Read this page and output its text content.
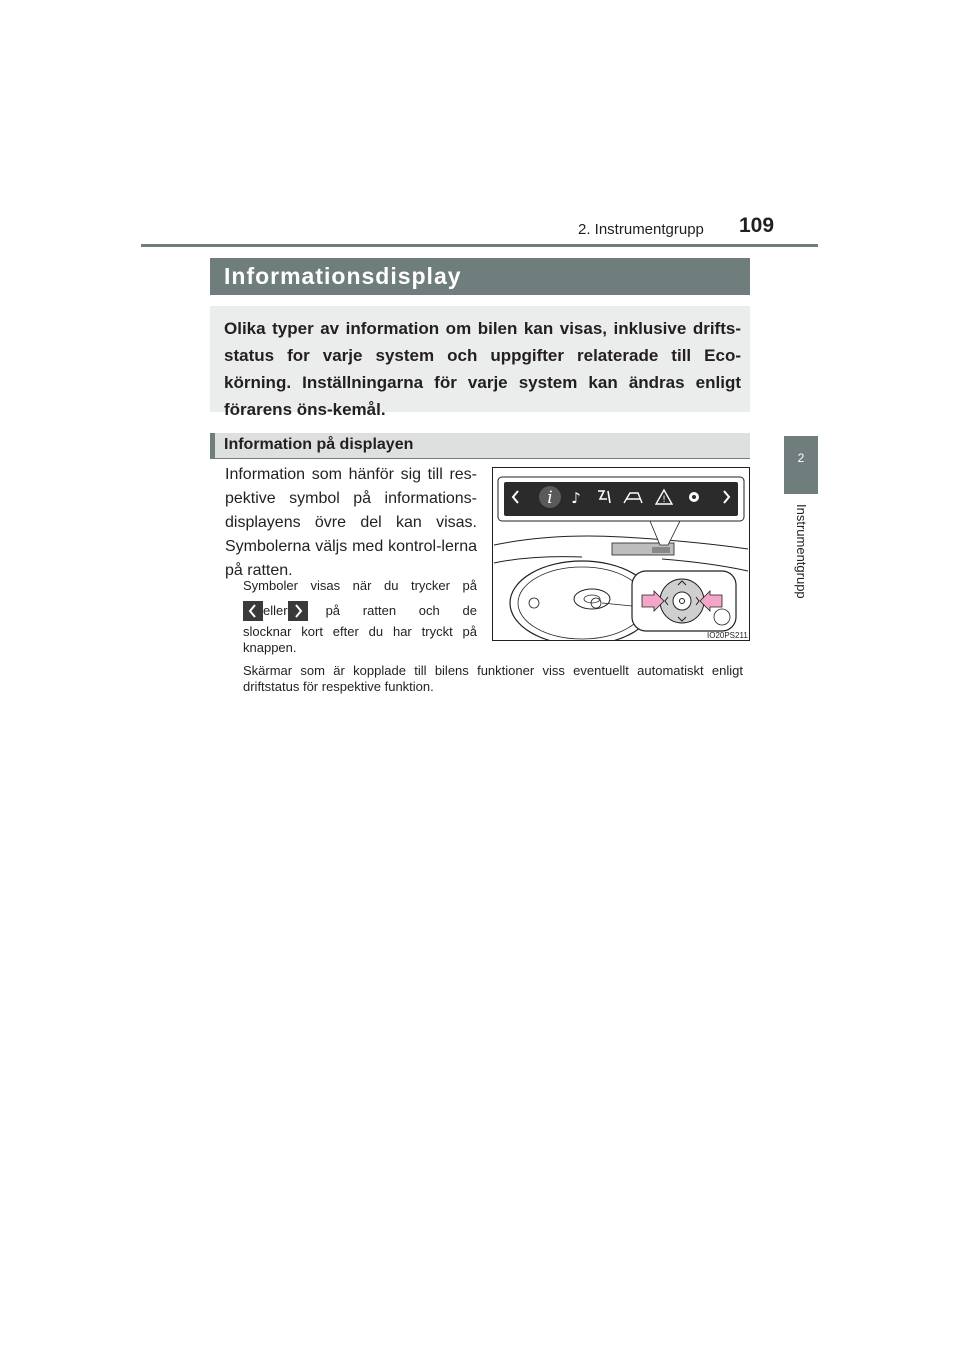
2. Instrumentgrupp 109
2
Instrumentgrupp
Informationsdisplay
Olika typer av information om bilen kan visas, inklusive drifts-status for varje system och uppgifter relaterade till Eco-körning. Inställningarna för varje system kan ändras enligt förarens öns-kemål.
Information på displayen
Information som hänför sig till res-pektive symbol på informations-displayens övre del kan visas. Symbolerna väljs med kontrol-lerna på ratten.
Symboler visas när du trycker på
eller	på ratten och de
slocknar kort efter du har tryckt på knappen.
Skärmar som är kopplade till bilens funktioner viss eventuellt automatiskt enligt driftstatus för respektive funktion.
i ♪	!
IO20PS211
